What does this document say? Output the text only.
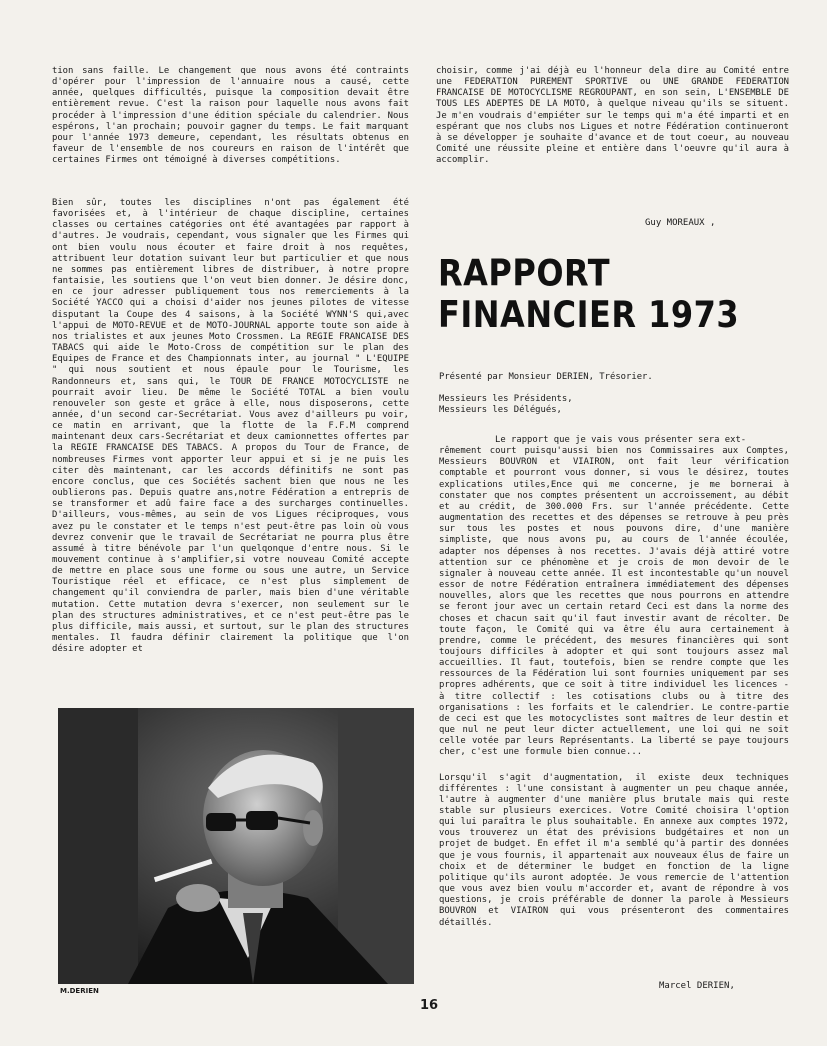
tion sans faille. Le changement que nous avons été contraints d'opérer pour l'impression de l'annuaire nous a causé, cette année, quelques difficultés, puisque la composition devait être entièrement revue. C'est la raison pour laquelle nous avons fait procéder à l'impression d'une édition spéciale du calendrier. Nous espérons, l'an prochain; pouvoir gagner du temps. Le fait marquant pour l'année 1973 demeure, cependant, les résultats obtenus en faveur de l'ensemble de nos coureurs en raison de l'intérêt que certaines Firmes ont témoigné à diverses compétitions.

Bien sûr, toutes les disciplines n'ont pas également été favorisées et, à l'intérieur de chaque discipline, certaines classes ou certaines catégories ont été avantagées par rapport à d'autres. Je voudrais, cependant, vous signaler que les Firmes qui ont bien voulu nous écouter et faire droit à nos requêtes, attribuent leur dotation suivant leur but particulier et que nous ne sommes pas entièrement libres de distribuer, à notre propre fantaisie, les soutiens que l'on veut bien donner. Je désire donc, en ce jour adresser publiquement tous nos remerciements à la Société YACCO qui a choisi d'aider nos jeunes pilotes de vitesse disputant la Coupe des 4 saisons, à la Société WYNN'S qui,avec l'appui de MOTO-REVUE et de MOTO-JOURNAL apporte toute son aide à nos trialistes et aux jeunes Moto Crossmen. La REGIE FRANCAISE DES TABACS qui aide le Moto-Cross de compétition sur le plan des Equipes de France et des Championnats inter, au journal " L'EQUIPE " qui nous soutient et nous épaule pour le Tourisme, les Randonneurs et, sans qui, le TOUR DE FRANCE MOTOCYCLISTE ne pourrait avoir lieu. De même le Société TOTAL a bien voulu renouveler son geste et grâce à elle, nous disposerons, cette année, d'un second car-Secrétariat. Vous avez d'ailleurs pu voir, ce matin en arrivant, que la flotte de la F.F.M comprend maintenant deux cars-Secrétariat et deux camionnettes offertes par la REGIE FRANCAISE DES TABACS. A propos du Tour de France, de nombreuses Firmes vont apporter leur appui et si je ne puis les citer dès maintenant, car les accords définitifs ne sont pas encore conclus, que ces Sociétés sachent bien que nous ne les oublierons pas. Depuis quatre ans,notre Fédération a entrepris de se transformer et adû faire face a des surcharges continuelles. D'ailleurs, vous-mêmes, au sein de vos Ligues réciproques, vous avez pu le constater et le temps n'est peut-être pas loin où vous devrez convenir que le travail de Secrétariat ne pourra plus être assumé à titre bénévole par l'un quelqonque d'entre nous. Si le mouvement continue à s'amplifier,si votre nouveau Comité accepte de mettre en place sous une forme ou sous une autre, un Service Touristique réel et efficace, ce n'est plus simplement de changement qu'il conviendra de parler, mais bien d'une véritable mutation. Cette mutation devra s'exercer, non seulement sur le plan des structures administratives, et ce n'est peut-être pas le plus difficile, mais aussi, et surtout, sur le plan des structures mentales. Il faudra définir clairement la politique que l'on désire adopter et

M.DERIEN

choisir, comme j'ai déjà eu l'honneur dela dire au Comité entre une FEDERATION PUREMENT SPORTIVE ou UNE GRANDE FEDERATION FRANCAISE DE MOTOCYCLISME REGROUPANT, en son sein, L'ENSEMBLE DE TOUS LES ADEPTES DE LA MOTO, à quelque niveau qu'ils se situent. Je m'en voudrais d'empiéter sur le temps qui m'a été imparti et en espérant que nos clubs nos Ligues et notre Fédération continueront à se développer je souhaite d'avance et de tout coeur, au nouveau Comité une réussite pleine et entière dans l'oeuvre qu'il aura à accomplir.

Guy MOREAUX ,
RAPPORT
FINANCIER 1973
Présenté par Monsieur DERIEN, Trésorier.
Messieurs les Présidents,
Messieurs les Délégués,
Le rapport que je vais vous présenter sera ext-

rêmement court puisqu'aussi bien nos Commissaires aux Comptes, Messieurs BOUVRON et VIAIRON, ont fait leur vérification comptable et pourront vous donner, si vous le désirez, toutes explications utiles,Ence qui me concerne, je me bornerai à constater que nos comptes présentent un accroissement, au débit et au crédit, de 300.000 Frs. sur l'année précédente. Cette augmentation des recettes et des dépenses se retrouve à peu près sur tous les postes et nous pouvons dire, d'une manière simpliste, que nous avons pu, au cours de l'année écoulée, adapter nos dépenses à nos recettes. J'avais déjà attiré votre attention sur ce phénomène et je crois de mon devoir de le signaler à nouveau cette année. Il est incontestable qu'un nouvel essor de notre Fédération entraînera immédiatement des dépenses nouvelles, alors que les recettes que nous pourrons en attendre se feront jour avec un certain retard Ceci est dans la norme des choses et chacun sait qu'il faut investir avant de récolter. De toute façon, le Comité qui va être élu aura certainement à prendre, comme le précédent, des mesures financières qui sont toujours difficiles à adopter et qui sont toujours assez mal accueillies. Il faut, toutefois, bien se rendre compte que les ressources de la Fédération lui sont fournies uniquement par ses propres adhérents, que ce soit à titre individuel les licences - à titre collectif : les cotisations clubs ou à titre des organisations : les forfaits et le calendrier. Le contre-partie de ceci est que les motocyclistes sont maîtres de leur destin et que nul ne peut leur dicter actuellement, une loi qui ne soit celle votée par leurs Représentants. La liberté se paye toujours cher, c'est une formule bien connue...

Lorsqu'il s'agit d'augmentation, il existe deux techniques différentes : l'une consistant à augmenter un peu chaque année, l'autre à augmenter d'une manière plus brutale mais qui reste stable sur plusieurs exercices. Votre Comité choisira l'option qui lui paraîtra le plus souhaitable. En annexe aux comptes 1972, vous trouverez un état des prévisions budgétaires et non un projet de budget. En effet il m'a semblé qu'à partir des données que je vous fournis, il appartenait aux nouveaux élus de faire un choix et de déterminer le budget en fonction de la ligne politique qu'ils auront adoptée. Je vous remercie de l'attention que vous avez bien voulu m'accorder et, avant de répondre à vos questions, je crois préférable de donner la parole à Messieurs BOUVRON et VIAIRON qui vous présenteront des commentaires détaillés.

Marcel DERIEN,
16
